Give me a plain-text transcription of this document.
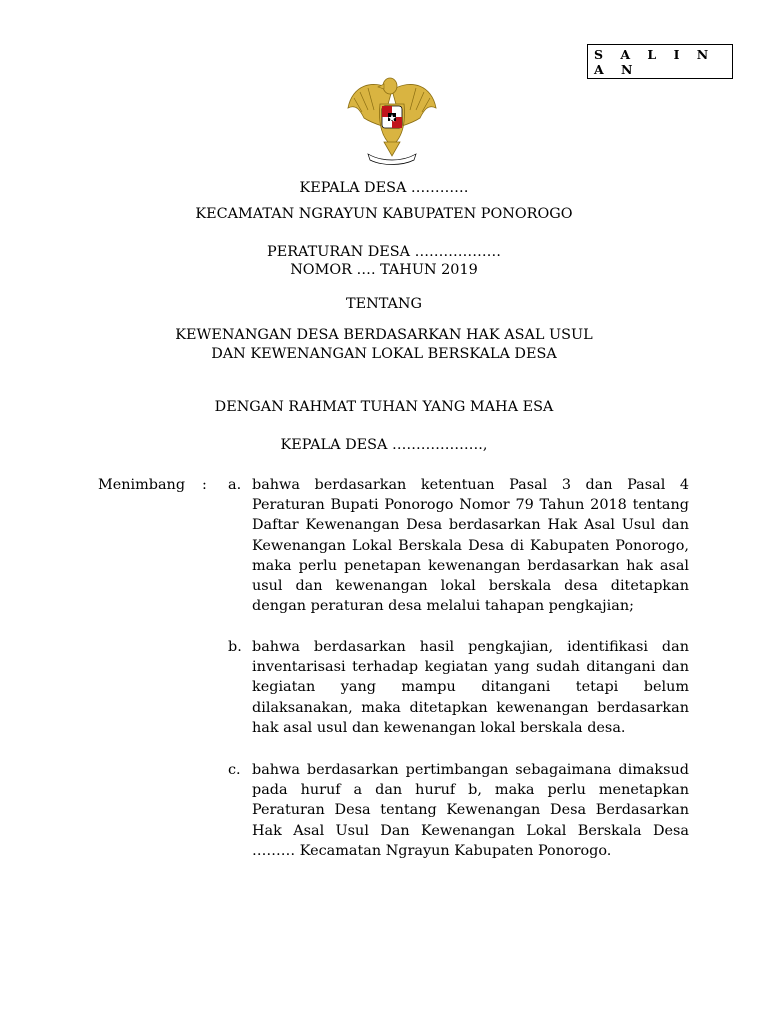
S A L I N A N
KEPALA DESA …………
KECAMATAN NGRAYUN KABUPATEN PONOROGO
PERATURAN DESA ………………
NOMOR …. TAHUN 2019
TENTANG
KEWENANGAN DESA BERDASARKAN HAK ASAL USUL
DAN KEWENANGAN LOKAL BERSKALA DESA
DENGAN RAHMAT TUHAN YANG MAHA ESA
KEPALA DESA ……………….,
Menimbang : a. bahwa berdasarkan ketentuan Pasal 3 dan Pasal 4 Peraturan Bupati Ponorogo Nomor 79 Tahun 2018 tentang Daftar Kewenangan Desa berdasarkan Hak Asal Usul dan Kewenangan Lokal Berskala Desa di Kabupaten Ponorogo, maka perlu penetapan kewenangan berdasarkan hak asal usul dan kewenangan lokal berskala desa ditetapkan dengan peraturan desa melalui tahapan pengkajian;
b. bahwa berdasarkan hasil pengkajian, identifikasi dan inventarisasi terhadap kegiatan yang sudah ditangani dan kegiatan yang mampu ditangani tetapi belum dilaksanakan, maka ditetapkan kewenangan berdasarkan hak asal usul dan kewenangan lokal berskala desa.
c. bahwa berdasarkan pertimbangan sebagaimana dimaksud pada huruf a dan huruf b, maka perlu menetapkan Peraturan Desa tentang Kewenangan Desa Berdasarkan Hak Asal Usul Dan Kewenangan Lokal Berskala Desa ……… Kecamatan Ngrayun Kabupaten Ponorogo.
